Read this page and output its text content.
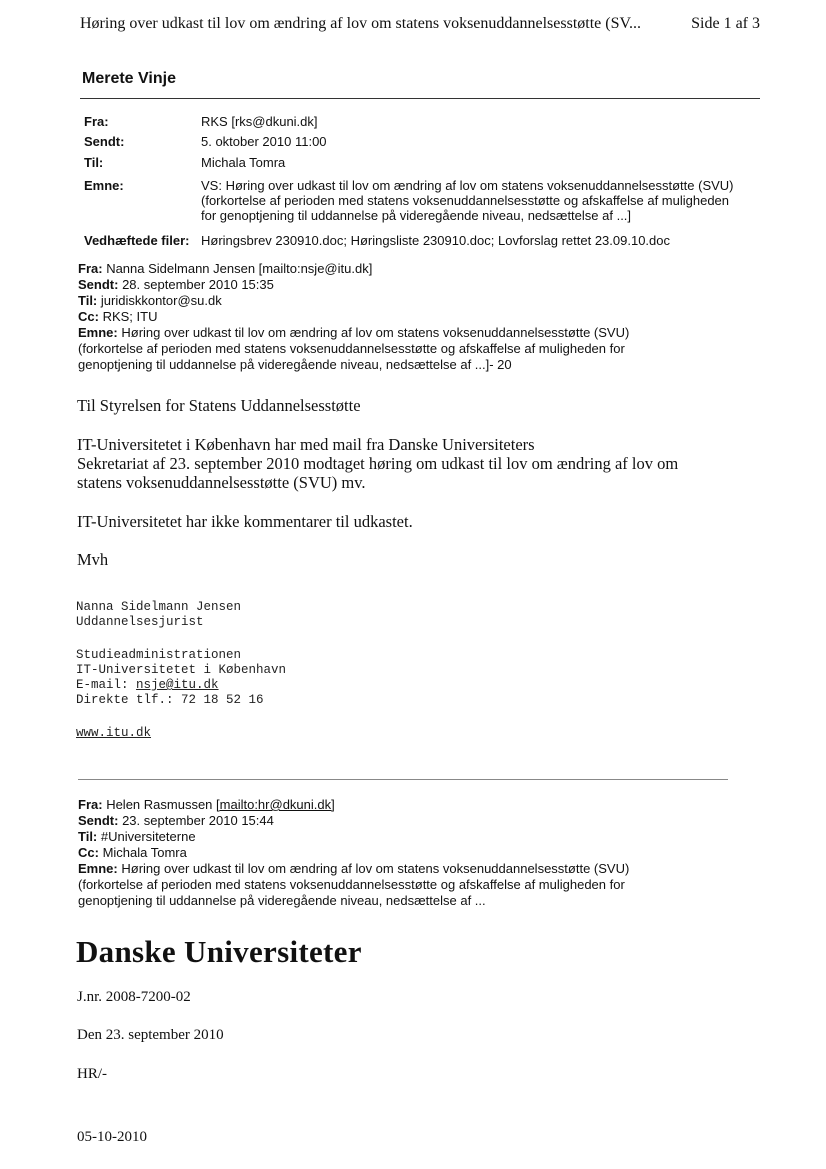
Høring over udkast til lov om ændring af lov om statens voksenuddannelsesstøtte (SV...	Side 1 af 3
Merete Vinje
Fra:	RKS [rks@dkuni.dk]
Sendt:	5. oktober 2010 11:00
Til:	Michala Tomra
Emne:	VS: Høring over udkast til lov om ændring af lov om statens voksenuddannelsesstøtte (SVU) (forkortelse af perioden med statens voksenuddannelsesstøtte og afskaffelse af muligheden for genoptjening til uddannelse på videregående niveau, nedsættelse af ...]
Vedhæftede filer: Høringsbrev 230910.doc; Høringsliste 230910.doc; Lovforslag rettet 23.09.10.doc
Fra: Nanna Sidelmann Jensen [mailto:nsje@itu.dk]
Sendt: 28. september 2010 15:35
Til: juridiskkontor@su.dk
Cc: RKS; ITU
Emne: Høring over udkast til lov om ændring af lov om statens voksenuddannelsesstøtte (SVU)
(forkortelse af perioden med statens voksenuddannelsesstøtte og afskaffelse af muligheden for
genoptjening til uddannelse på videregående niveau, nedsættelse af ...]- 20
Til Styrelsen for Statens Uddannelsesstøtte
IT-Universitetet i København har med mail fra Danske Universiteters
Sekretariat af 23. september 2010 modtaget høring om udkast til lov om ændring af lov om
statens voksenuddannelsesstøtte (SVU) mv.
IT-Universitetet har ikke kommentarer til udkastet.
Mvh
Nanna Sidelmann Jensen
Uddannelsesjurist
Studieadministrationen
IT-Universitetet i København
E-mail: nsje@itu.dk
Direkte tlf.: 72 18 52 16
www.itu.dk
Fra: Helen Rasmussen [mailto:hr@dkuni.dk]
Sendt: 23. september 2010 15:44
Til: #Universiteterne
Cc: Michala Tomra
Emne: Høring over udkast til lov om ændring af lov om statens voksenuddannelsesstøtte (SVU)
(forkortelse af perioden med statens voksenuddannelsesstøtte og afskaffelse af muligheden for
genoptjening til uddannelse på videregående niveau, nedsættelse af ...
Danske Universiteter
J.nr. 2008-7200-02
Den 23. september 2010
HR/-
05-10-2010
